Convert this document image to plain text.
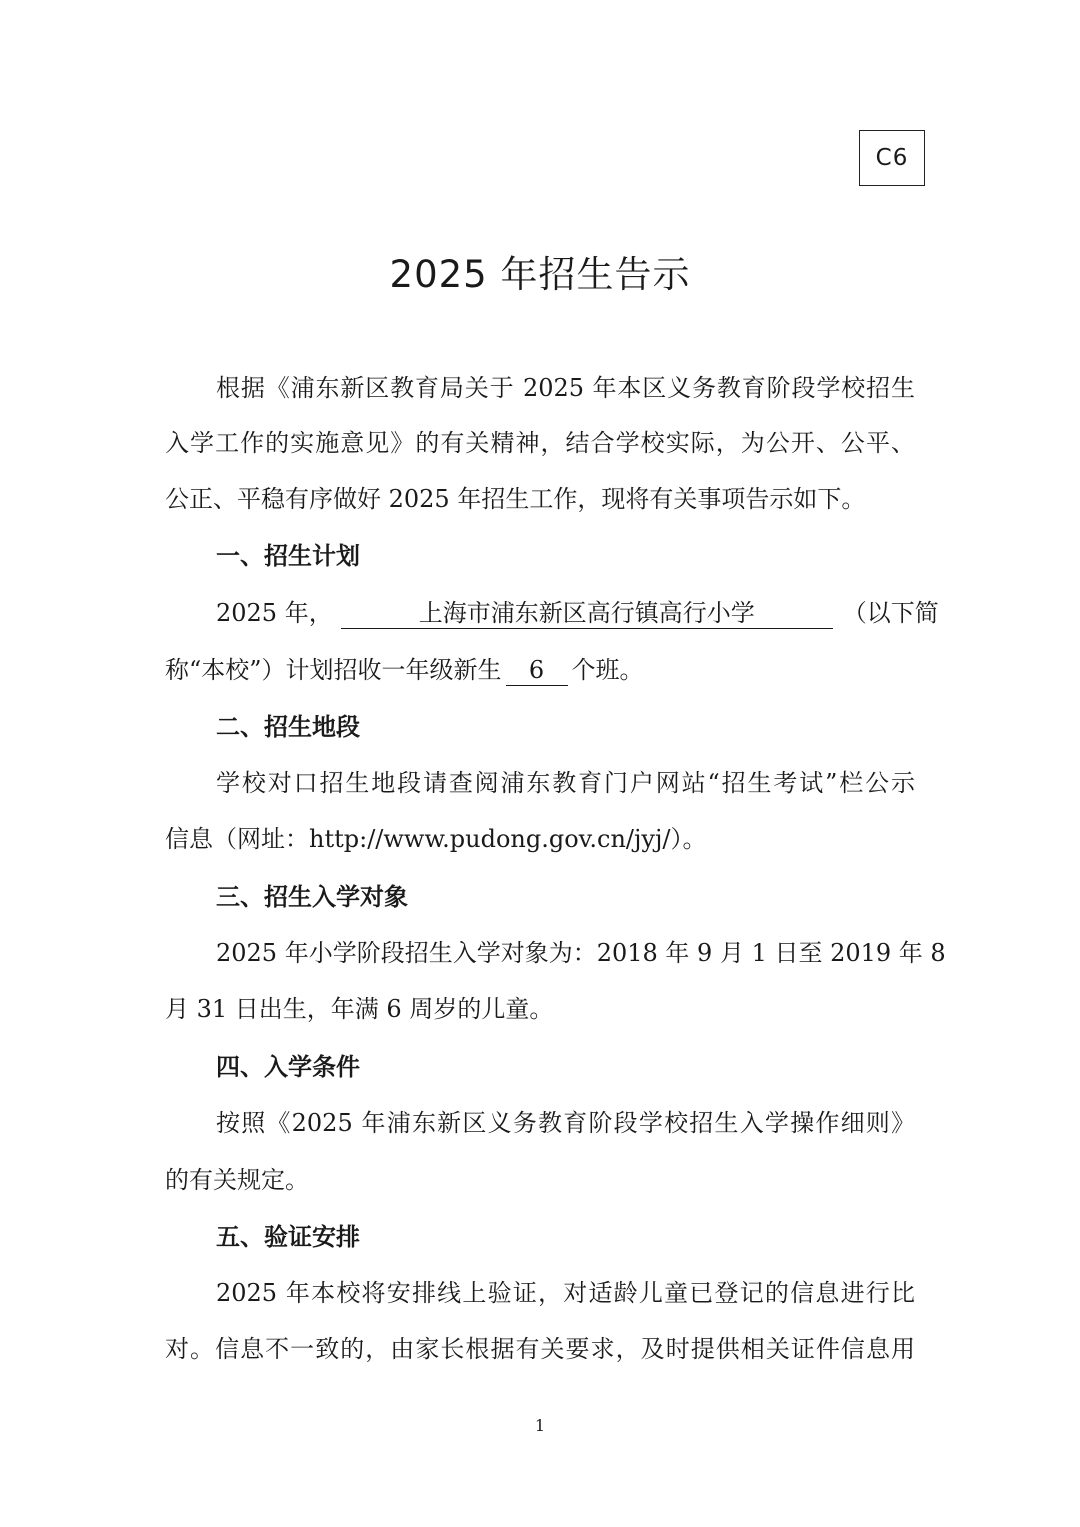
C6
2025 年招生告示
根据《浦东新区教育局关于 2025 年本区义务教育阶段学校招生
入学工作的实施意见》的有关精神，结合学校实际，为公开、公平、
公正、平稳有序做好 2025 年招生工作，现将有关事项告示如下。
一、招生计划
2025 年，	上海市浦东新区高行镇高行小学	（以下简
称“本校”）计划招收一年级新生 6 个班。
二、招生地段
学校对口招生地段请查阅浦东教育门户网站“招生考试”栏公示
信息（网址：http://www.pudong.gov.cn/jyj/）。
三、招生入学对象
2025 年小学阶段招生入学对象为：2018 年 9 月 1 日至 2019 年 8
月 31 日出生，年满 6 周岁的儿童。
四、入学条件
按照《2025 年浦东新区义务教育阶段学校招生入学操作细则》
的有关规定。
五、验证安排
2025 年本校将安排线上验证，对适龄儿童已登记的信息进行比
对。信息不一致的，由家长根据有关要求，及时提供相关证件信息用
1
